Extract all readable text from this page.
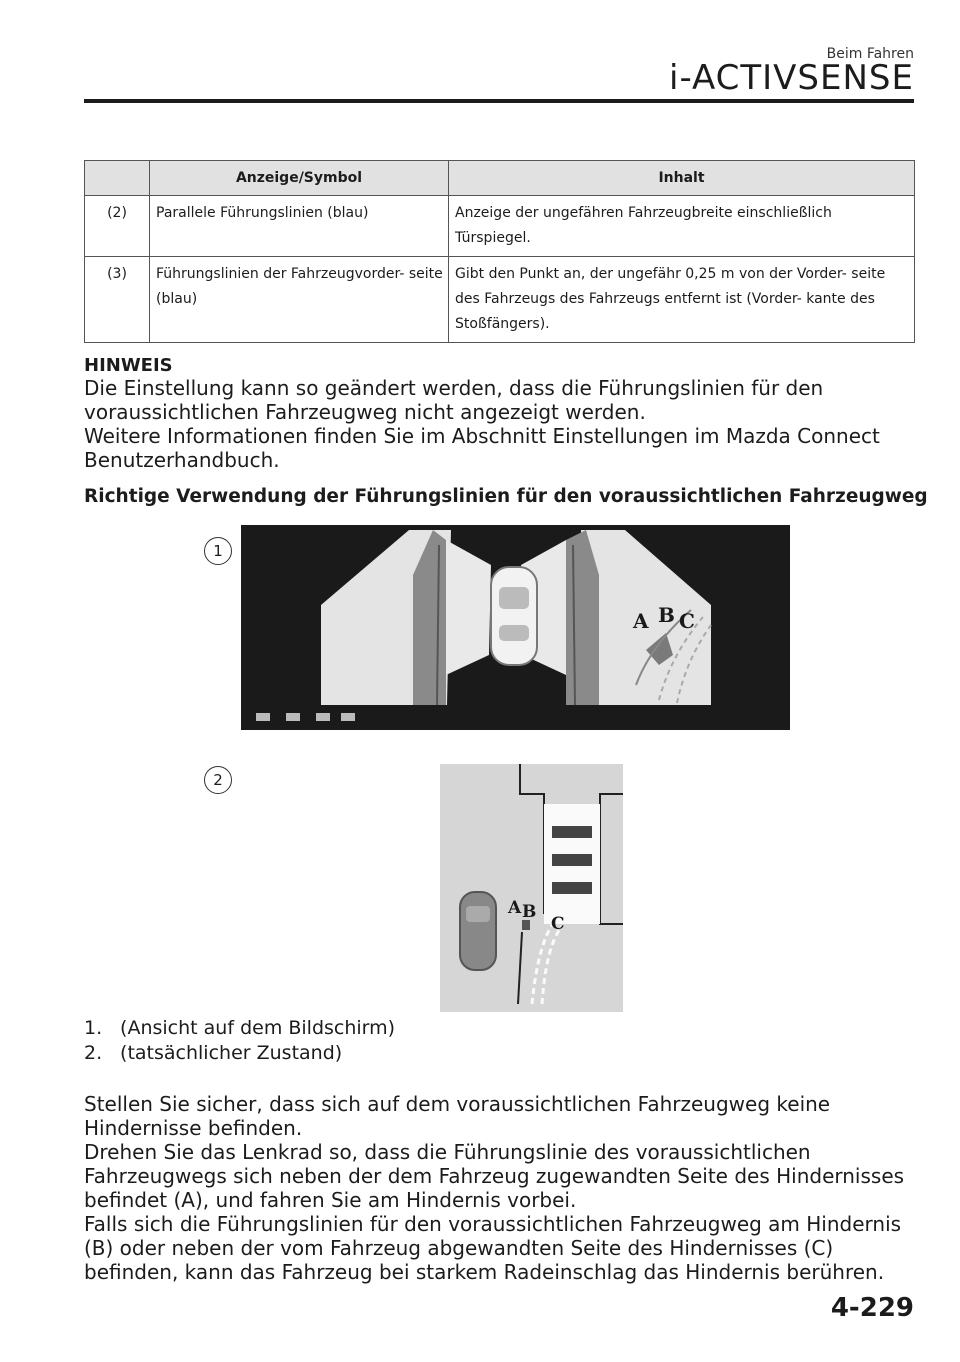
Beim Fahren
i-ACTIVSENSE
	Anzeige/Symbol	Inhalt
(2)	Parallele Führungslinien (blau)	Anzeige der ungefähren Fahrzeugbreite einschließlich Türspiegel.
(3)	Führungslinien der Fahrzeugvorder- seite (blau)	Gibt den Punkt an, der ungefähr 0,25 m von der Vorder- seite des Fahrzeugs des Fahrzeugs entfernt ist (Vorder- kante des Stoßfängers).
HINWEIS
Die Einstellung kann so geändert werden, dass die Führungslinien für den voraussichtlichen Fahrzeugweg nicht angezeigt werden.
Weitere Informationen finden Sie im Abschnitt Einstellungen im Mazda Connect Benutzerhandbuch.
Richtige Verwendung der Führungslinien für den voraussichtlichen Fahrzeugweg
1
A B C
2
A B
C
1. (Ansicht auf dem Bildschirm)
2. (tatsächlicher Zustand)
Stellen Sie sicher, dass sich auf dem voraussichtlichen Fahrzeugweg keine Hindernisse befinden.
Drehen Sie das Lenkrad so, dass die Führungslinie des voraussichtlichen Fahrzeugwegs sich neben der dem Fahrzeug zugewandten Seite des Hindernisses befindet (A), und fahren Sie am Hindernis vorbei.
Falls sich die Führungslinien für den voraussichtlichen Fahrzeugweg am Hindernis (B) oder neben der vom Fahrzeug abgewandten Seite des Hindernisses (C) befinden, kann das Fahrzeug bei starkem Radeinschlag das Hindernis berühren.
4-229
